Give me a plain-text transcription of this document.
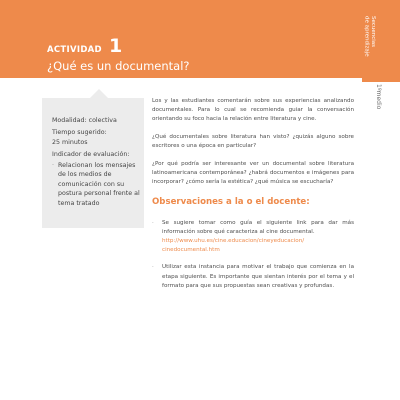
ACTIVIDAD 1
¿Qué es un documental?
Secuencias
de aprendizaje
1ºmedio
Modalidad: colectiva
Tiempo sugerido:
25 minutos
Indicador de evaluación:
· Relacionan los mensajes
de los medios de
comunicación con su
postura personal frente al
tema tratado

Los y las estudiantes comentarán sobre sus experiencias analizando documentales. Para lo cual se recomienda guiar la conversación orientando su foco hacia la relación entre literatura y cine.

¿Qué documentales sobre literatura han visto? ¿quizás alguno sobre escritores o una época en particular?

¿Por qué podría ser interesante ver un documental sobre literatura latinoamericana contemporánea? ¿habrá documentos e imágenes para incorporar? ¿cómo sería la estética? ¿qué música se escucharía?

Observaciones a la o el docente:
·	Se sugiere tomar como guía el siguiente link para dar más información sobre qué caracteriza al cine documental.
http://www.uhu.es/cine.educacion/cineyeducacion/
cinedocumental.htm
·	Utilizar esta instancia para motivar el trabajo que comienza en la etapa siguiente. Es importante que sientan interés por el tema y el formato para que sus propuestas sean creativas y profundas.
